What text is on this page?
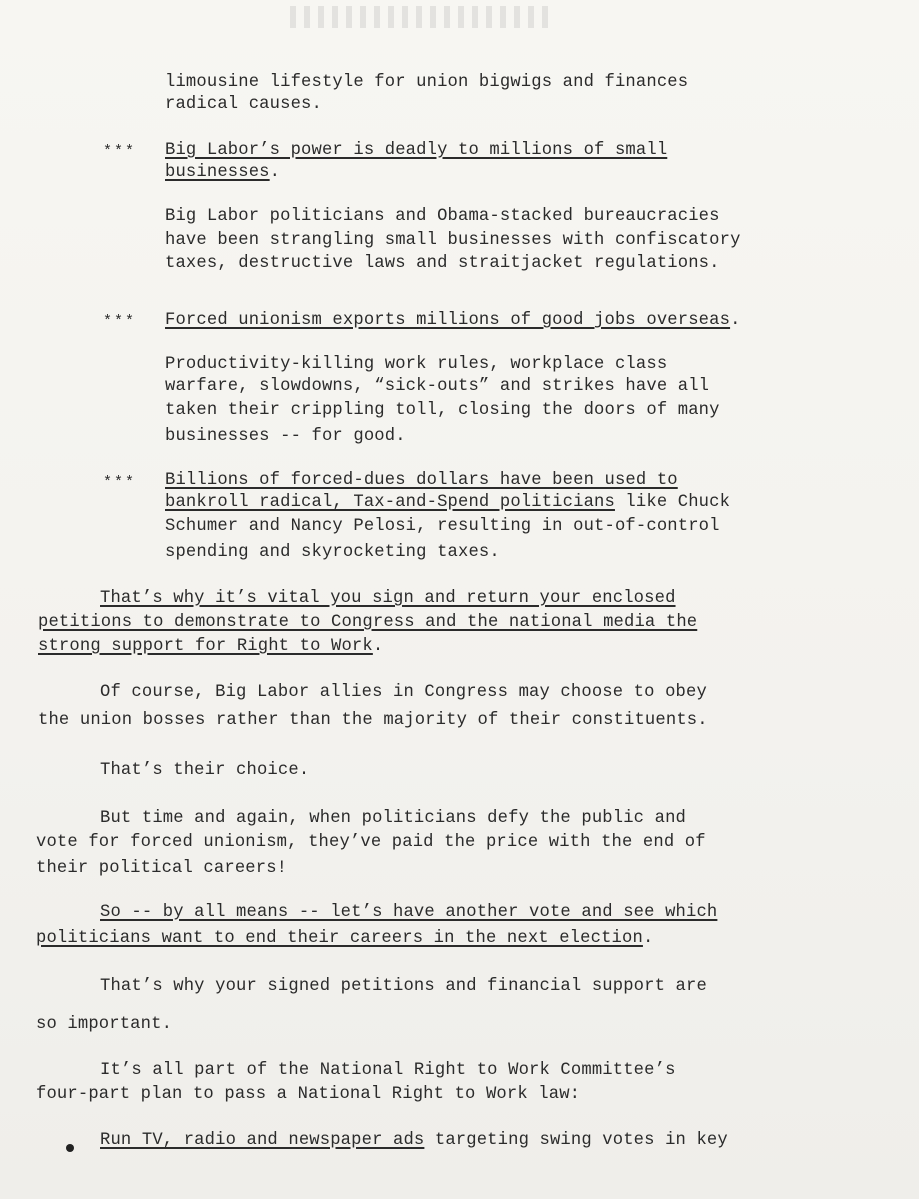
limousine lifestyle for union bigwigs and finances
radical causes.
*** Big Labor’s power is deadly to millions of small
businesses.
Big Labor politicians and Obama-stacked bureaucracies
have been strangling small businesses with confiscatory
taxes, destructive laws and straitjacket regulations.
*** Forced unionism exports millions of good jobs overseas.
Productivity-killing work rules, workplace class
warfare, slowdowns, “sick-outs” and strikes have all
taken their crippling toll, closing the doors of many
businesses -- for good.
*** Billions of forced-dues dollars have been used to
bankroll radical, Tax-and-Spend politicians like Chuck
Schumer and Nancy Pelosi, resulting in out-of-control
spending and skyrocketing taxes.
That’s why it’s vital you sign and return your enclosed
petitions to demonstrate to Congress and the national media the
strong support for Right to Work.
Of course, Big Labor allies in Congress may choose to obey
the union bosses rather than the majority of their constituents.
That’s their choice.
But time and again, when politicians defy the public and
vote for forced unionism, they’ve paid the price with the end of
their political careers!
So -- by all means -- let’s have another vote and see which
politicians want to end their careers in the next election.
That’s why your signed petitions and financial support are
so important.
It’s all part of the National Right to Work Committee’s
four-part plan to pass a National Right to Work law:
Run TV, radio and newspaper ads targeting swing votes in key
